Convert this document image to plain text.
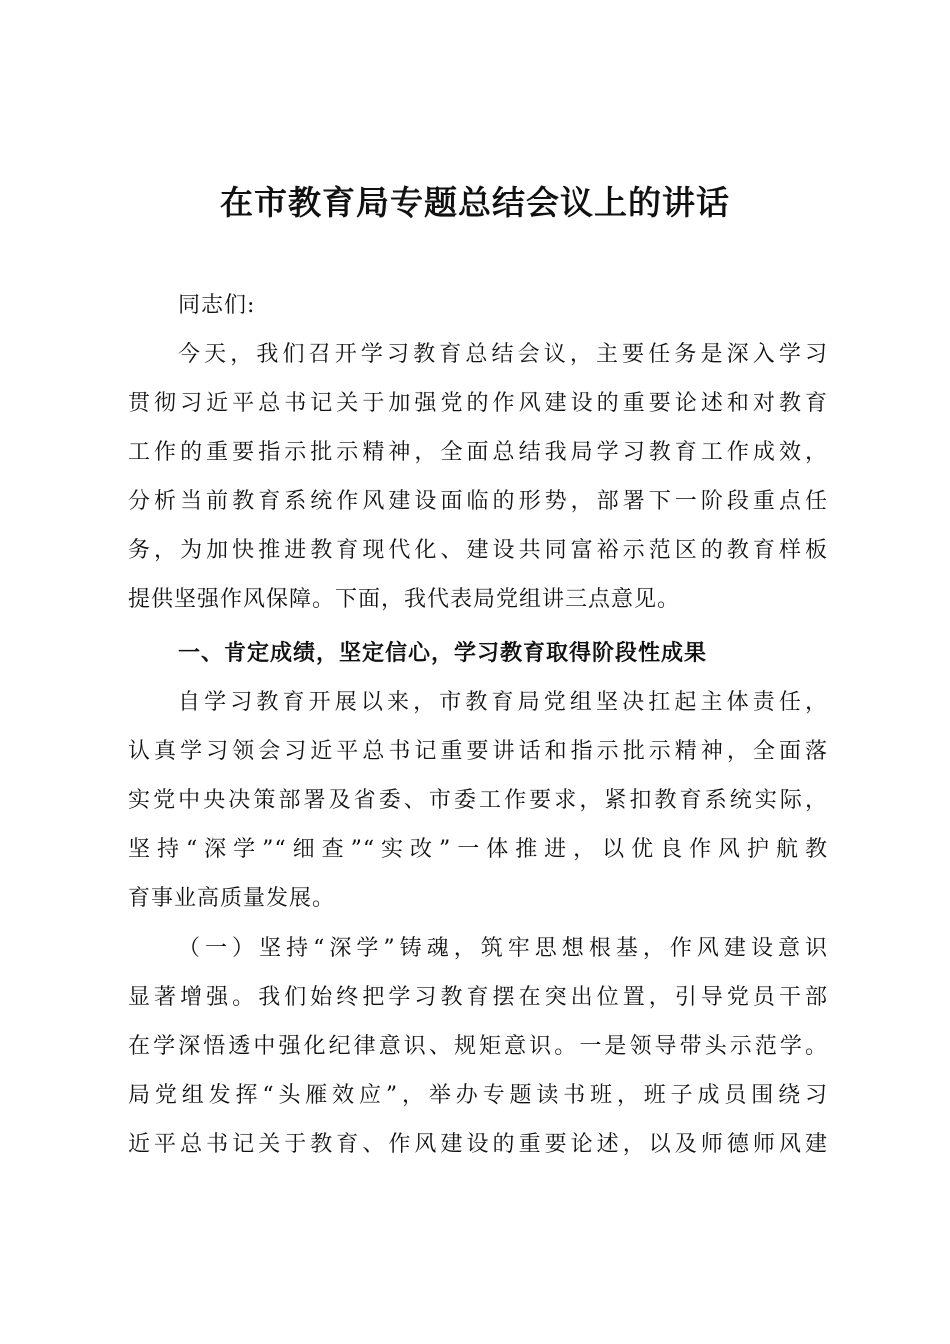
在市教育局专题总结会议上的讲话
同志们:
今天，我们召开学习教育总结会议，主要任务是深入学习
贯彻习近平总书记关于加强党的作风建设的重要论述和对教育
工作的重要指示批示精神，全面总结我局学习教育工作成效，
分析当前教育系统作风建设面临的形势，部署下一阶段重点任
务，为加快推进教育现代化、建设共同富裕示范区的教育样板
提供坚强作风保障。下面，我代表局党组讲三点意见。
一、肯定成绩，坚定信心，学习教育取得阶段性成果
自学习教育开展以来，市教育局党组坚决扛起主体责任，
认真学习领会习近平总书记重要讲话和指示批示精神，全面落
实党中央决策部署及省委、市委工作要求，紧扣教育系统实际，
坚持“深学”“细查”“实改”一体推进，以优良作风护航教
育事业高质量发展。
（一）坚持“深学”铸魂，筑牢思想根基，作风建设意识
显著增强。我们始终把学习教育摆在突出位置，引导党员干部
在学深悟透中强化纪律意识、规矩意识。一是领导带头示范学。
局党组发挥“头雁效应”，举办专题读书班，班子成员围绕习
近平总书记关于教育、作风建设的重要论述，以及师德师风建
